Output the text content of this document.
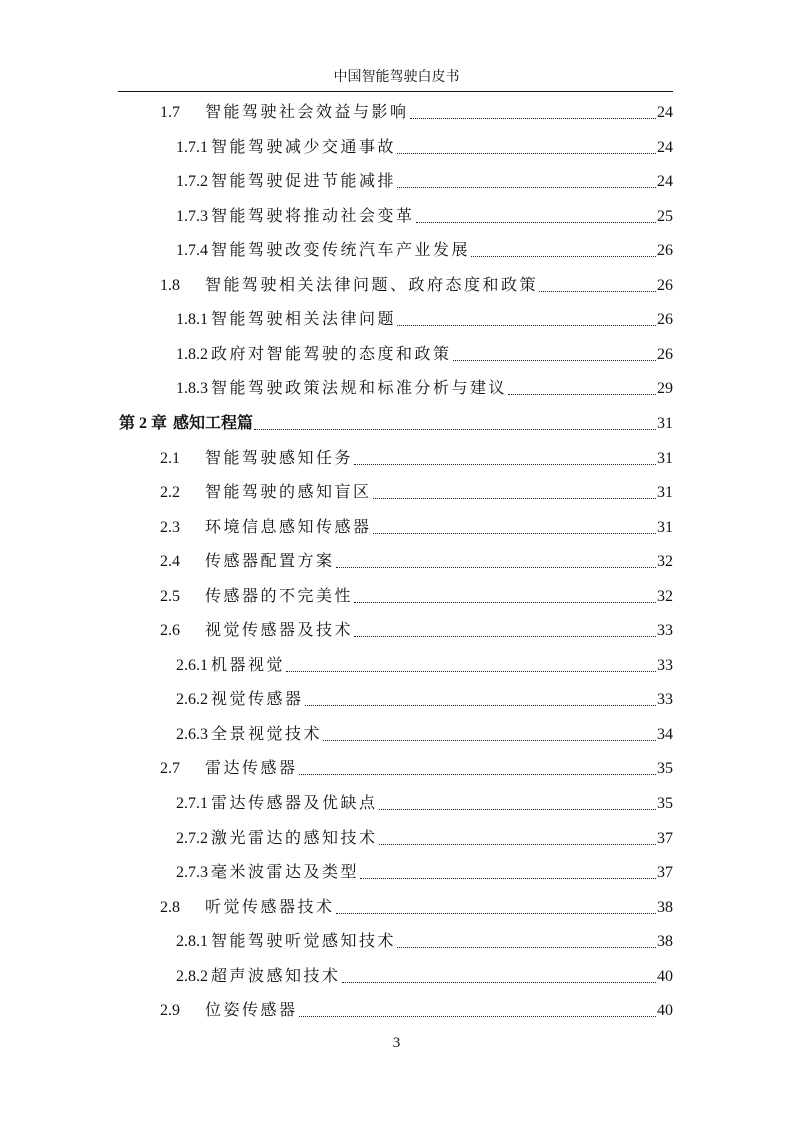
中国智能驾驶白皮书
1.7	智能驾驶社会效益与影响	24
1.7.1 智能驾驶减少交通事故	24
1.7.2 智能驾驶促进节能减排	24
1.7.3 智能驾驶将推动社会变革	25
1.7.4 智能驾驶改变传统汽车产业发展	26
1.8	智能驾驶相关法律问题、政府态度和政策	26
1.8.1 智能驾驶相关法律问题	26
1.8.2 政府对智能驾驶的态度和政策	26
1.8.3 智能驾驶政策法规和标准分析与建议	29
第 2 章 感知工程篇	31
2.1	智能驾驶感知任务	31
2.2	智能驾驶的感知盲区	31
2.3	环境信息感知传感器	31
2.4	传感器配置方案	32
2.5	传感器的不完美性	32
2.6	视觉传感器及技术	33
2.6.1 机器视觉	33
2.6.2 视觉传感器	33
2.6.3 全景视觉技术	34
2.7	雷达传感器	35
2.7.1 雷达传感器及优缺点	35
2.7.2 激光雷达的感知技术	37
2.7.3 毫米波雷达及类型	37
2.8	听觉传感器技术	38
2.8.1 智能驾驶听觉感知技术	38
2.8.2 超声波感知技术	40
2.9	位姿传感器	40
3
